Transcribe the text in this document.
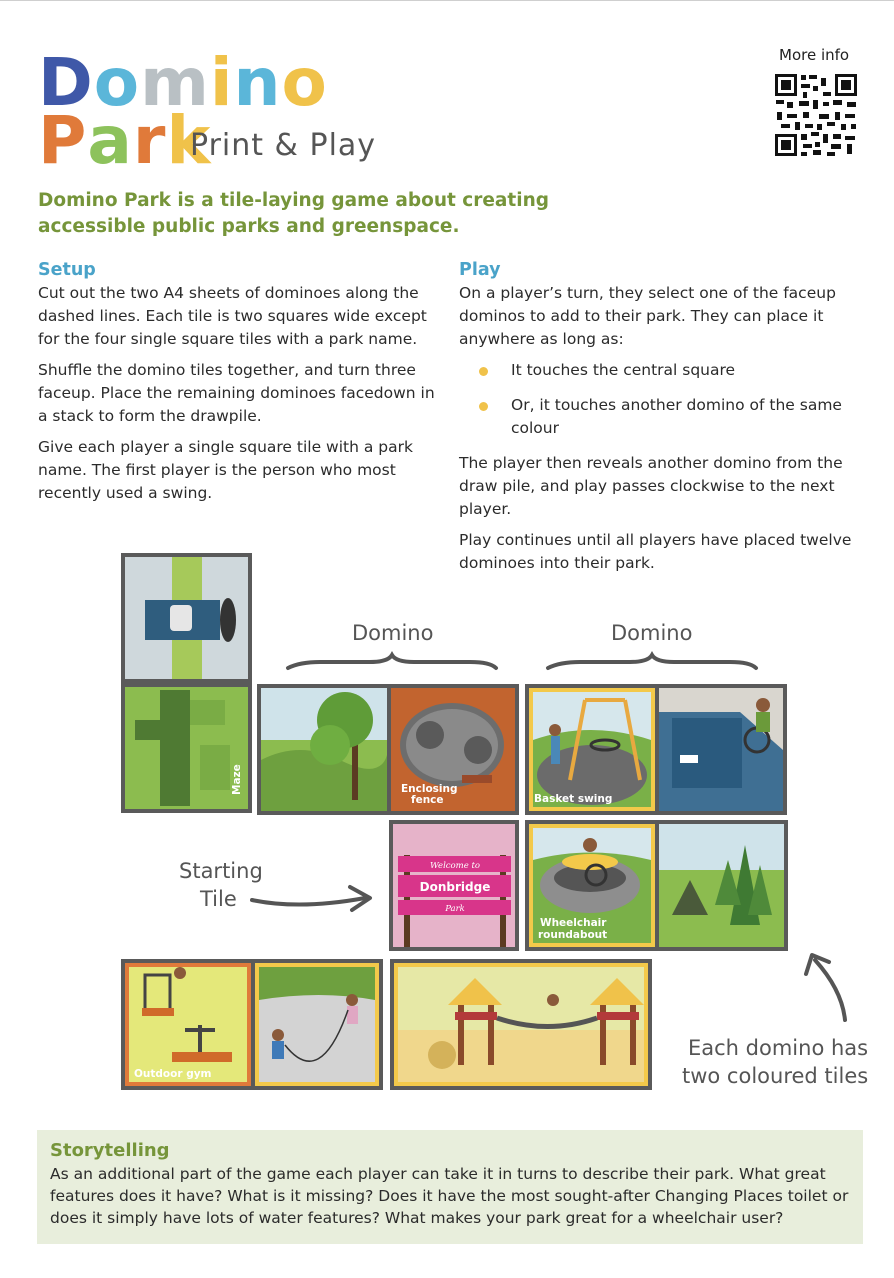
Domino
Park
Print & Play
More info
Domino Park is a tile-laying game about creating accessible public parks and greenspace.
Setup

Cut out the two A4 sheets of dominoes along the dashed lines. Each tile is two squares wide except for the four single square tiles with a park name.

Shuffle the domino tiles together, and turn three faceup. Place the remaining dominoes facedown in a stack to form the drawpile.

Give each player a single square tile with a park name. The first player is the person who most recently used a swing.

Play

On a player’s turn, they select one of the faceup dominos to add to their park. They can place it anywhere as long as:

It touches the central square
Or, it touches another domino of the same colour

The player then reveals another domino from the draw pile, and play passes clockwise to the next player.

Play continues until all players have placed twelve dominoes into their park.

Maze
Domino	Domino
Enclosing
fence	Basket swing
Welcome to
Donbridge
Park
Wheelchair
roundabout
Starting
Tile
Outdoor gym
Each domino has
two coloured tiles
Storytelling

As an additional part of the game each player can take it in turns to describe their park. What great features does it have? What is it missing? Does it have the most sought-after Changing Places toilet or does it simply have lots of water features? What makes your park great for a wheelchair user?
